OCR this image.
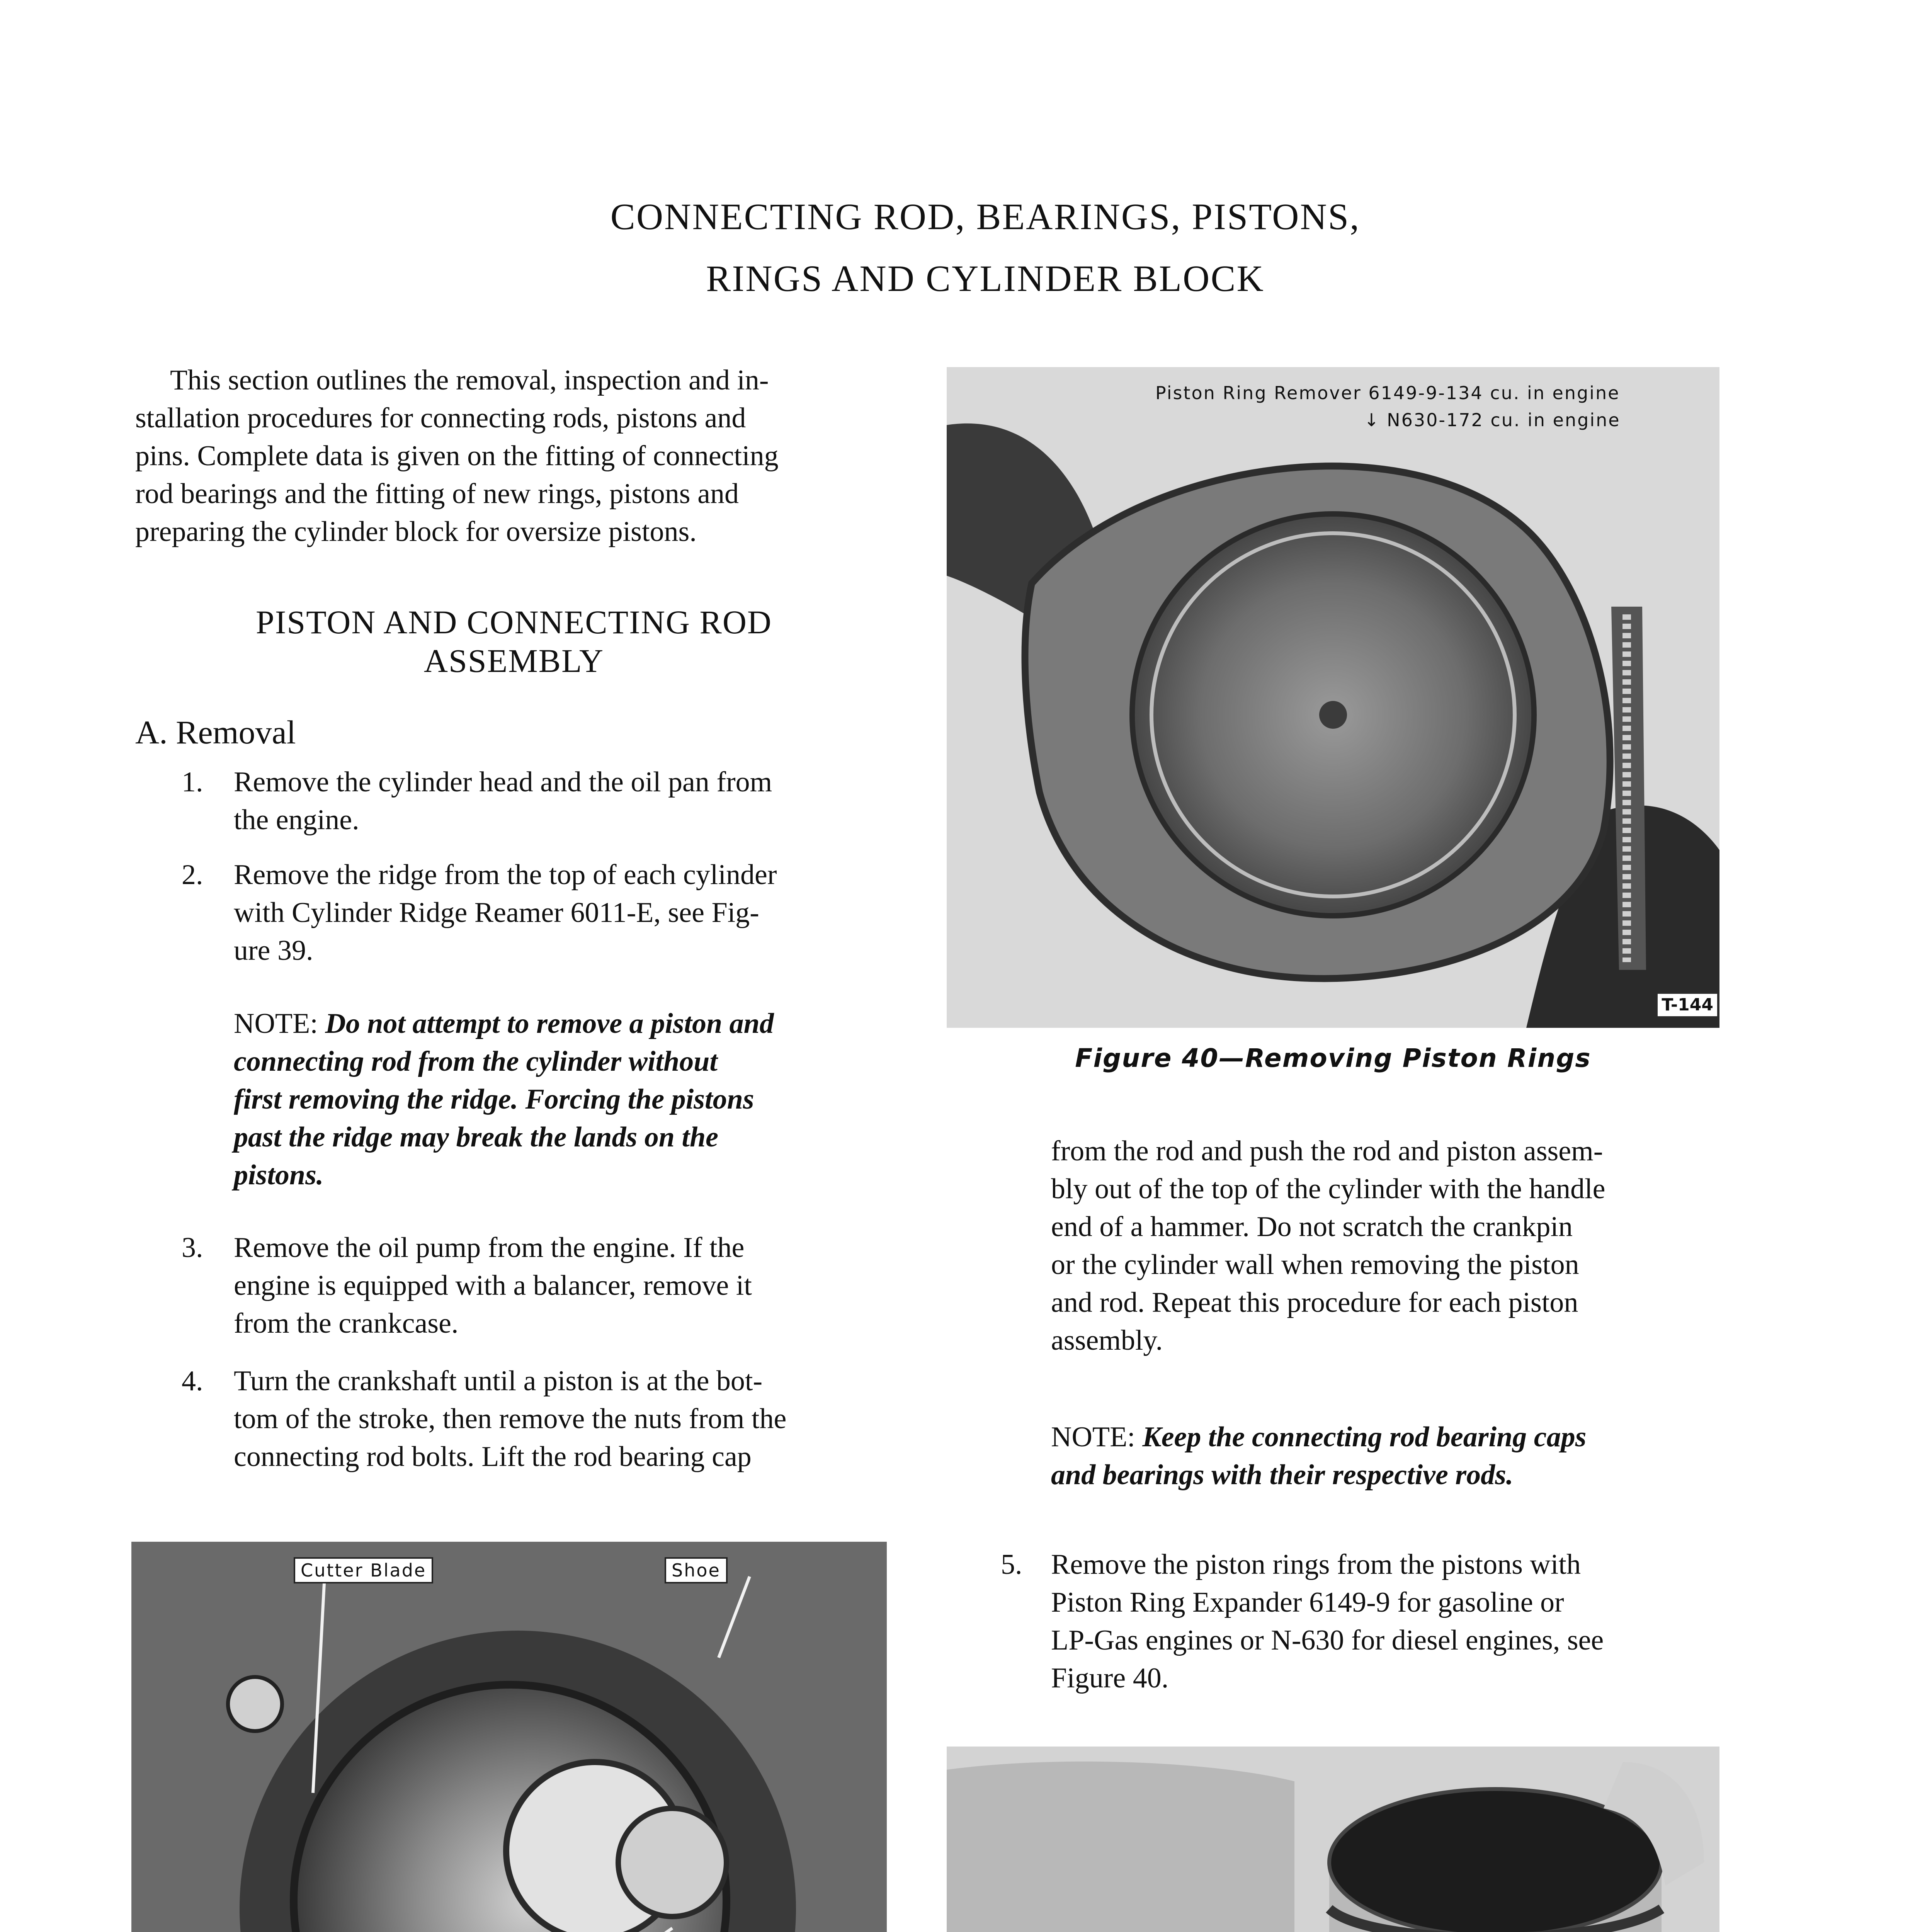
CONNECTING ROD, BEARINGS, PISTONS,
RINGS AND CYLINDER BLOCK
This section outlines the removal, inspection and in-
stallation procedures for connecting rods, pistons and
pins. Complete data is given on the fitting of connecting
rod bearings and the fitting of new rings, pistons and
preparing the cylinder block for oversize pistons.
PISTON AND CONNECTING ROD
ASSEMBLY
A. Removal
1. Remove the cylinder head and the oil pan from
the engine.
2. Remove the ridge from the top of each cylinder
with Cylinder Ridge Reamer 6011-E, see Fig-
ure 39.
NOTE: Do not attempt to remove a piston and
connecting rod from the cylinder without
first removing the ridge. Forcing the pistons
past the ridge may break the lands on the
pistons.
3. Remove the oil pump from the engine. If the
engine is equipped with a balancer, remove it
from the crankcase.
4. Turn the crankshaft until a piston is at the bot-
tom of the stroke, then remove the nuts from the
connecting rod bolts. Lift the rod bearing cap
Piston Ring Remover 6149-9-134 cu. in engine
↓ N630-172 cu. in engine
T-144
Figure 40—Removing Piston Rings
from the rod and push the rod and piston assem-
bly out of the top of the cylinder with the handle
end of a hammer. Do not scratch the crankpin
or the cylinder wall when removing the piston
and rod. Repeat this procedure for each piston
assembly.
NOTE: Keep the connecting rod bearing caps
and bearings with their respective rods.
5. Remove the piston rings from the pistons with
Piston Ring Expander 6149-9 for gasoline or
LP-Gas engines or N-630 for diesel engines, see
Figure 40.
Cutter Blade	Shoe
